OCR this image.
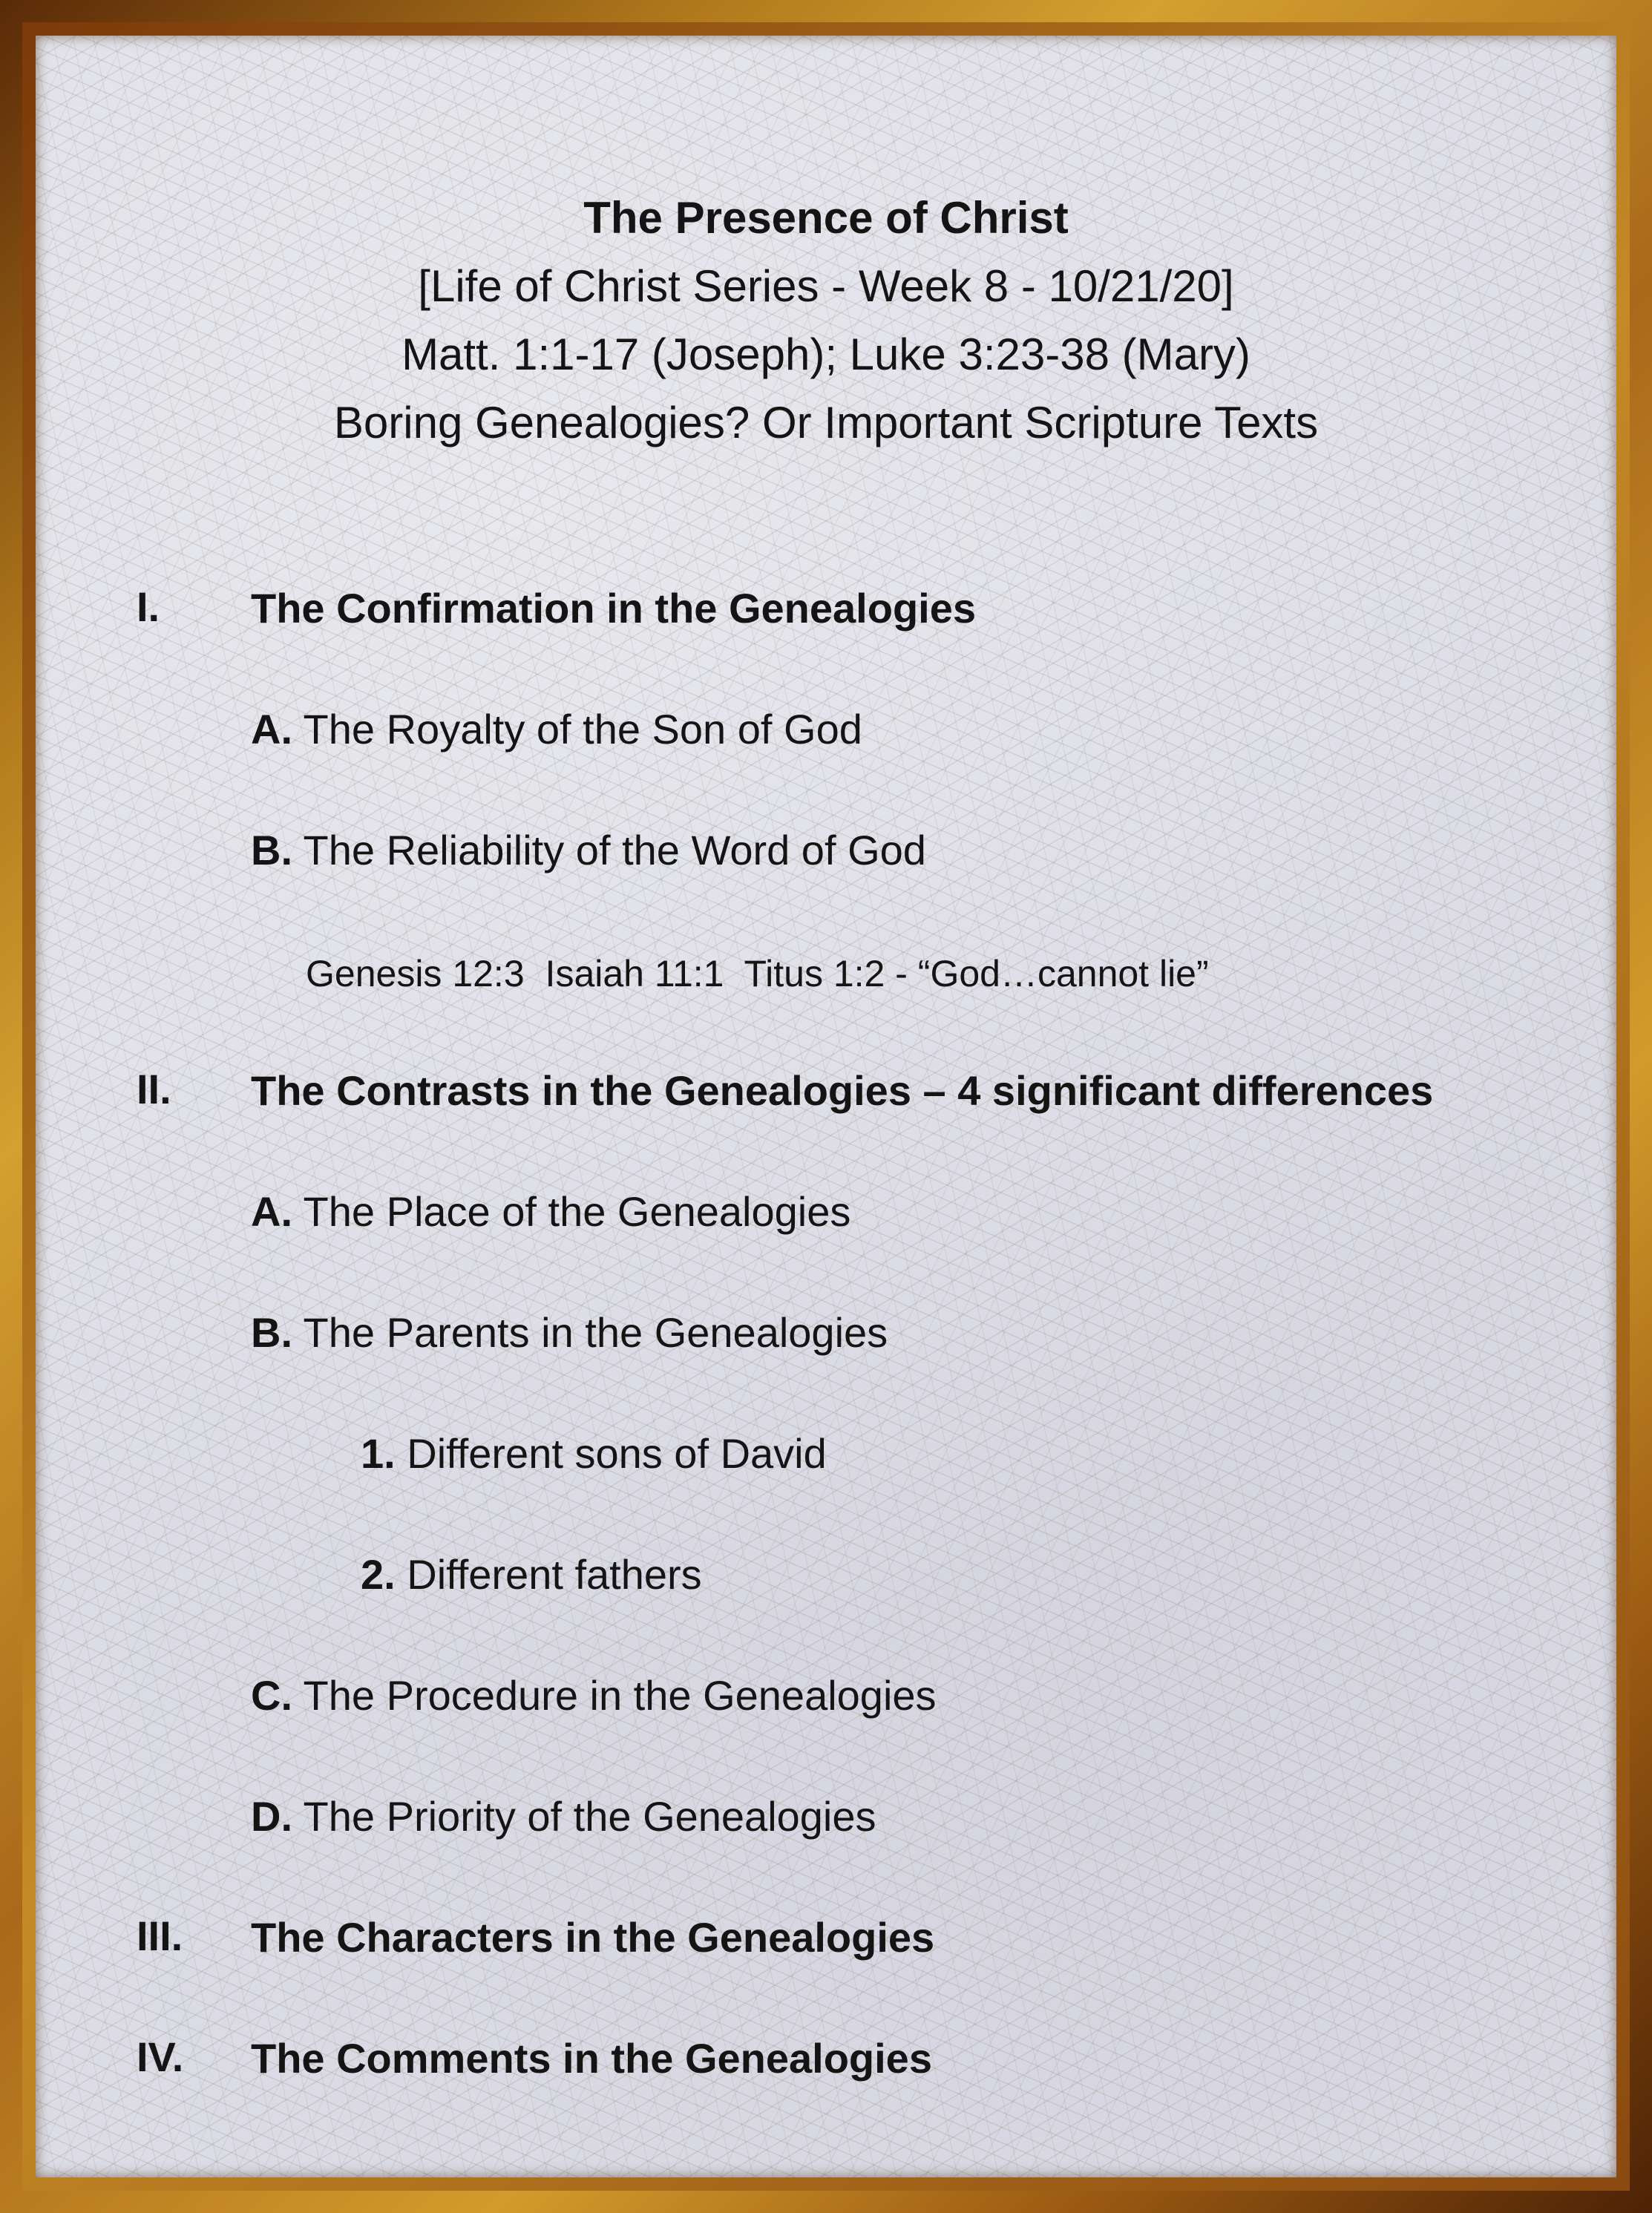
The Presence of Christ
[Life of Christ Series - Week 8 - 10/21/20]
Matt. 1:1-17 (Joseph); Luke 3:23-38 (Mary)
Boring Genealogies? Or Important Scripture Texts
I. The Confirmation in the Genealogies
A. The Royalty of the Son of God
B. The Reliability of the Word of God
Genesis 12:3 Isaiah 11:1 Titus 1:2 - “God…cannot lie”
II. The Contrasts in the Genealogies – 4 significant differences
A. The Place of the Genealogies
B. The Parents in the Genealogies
1. Different sons of David
2. Different fathers
C. The Procedure in the Genealogies
D. The Priority of the Genealogies
III. The Characters in the Genealogies
IV. The Comments in the Genealogies
